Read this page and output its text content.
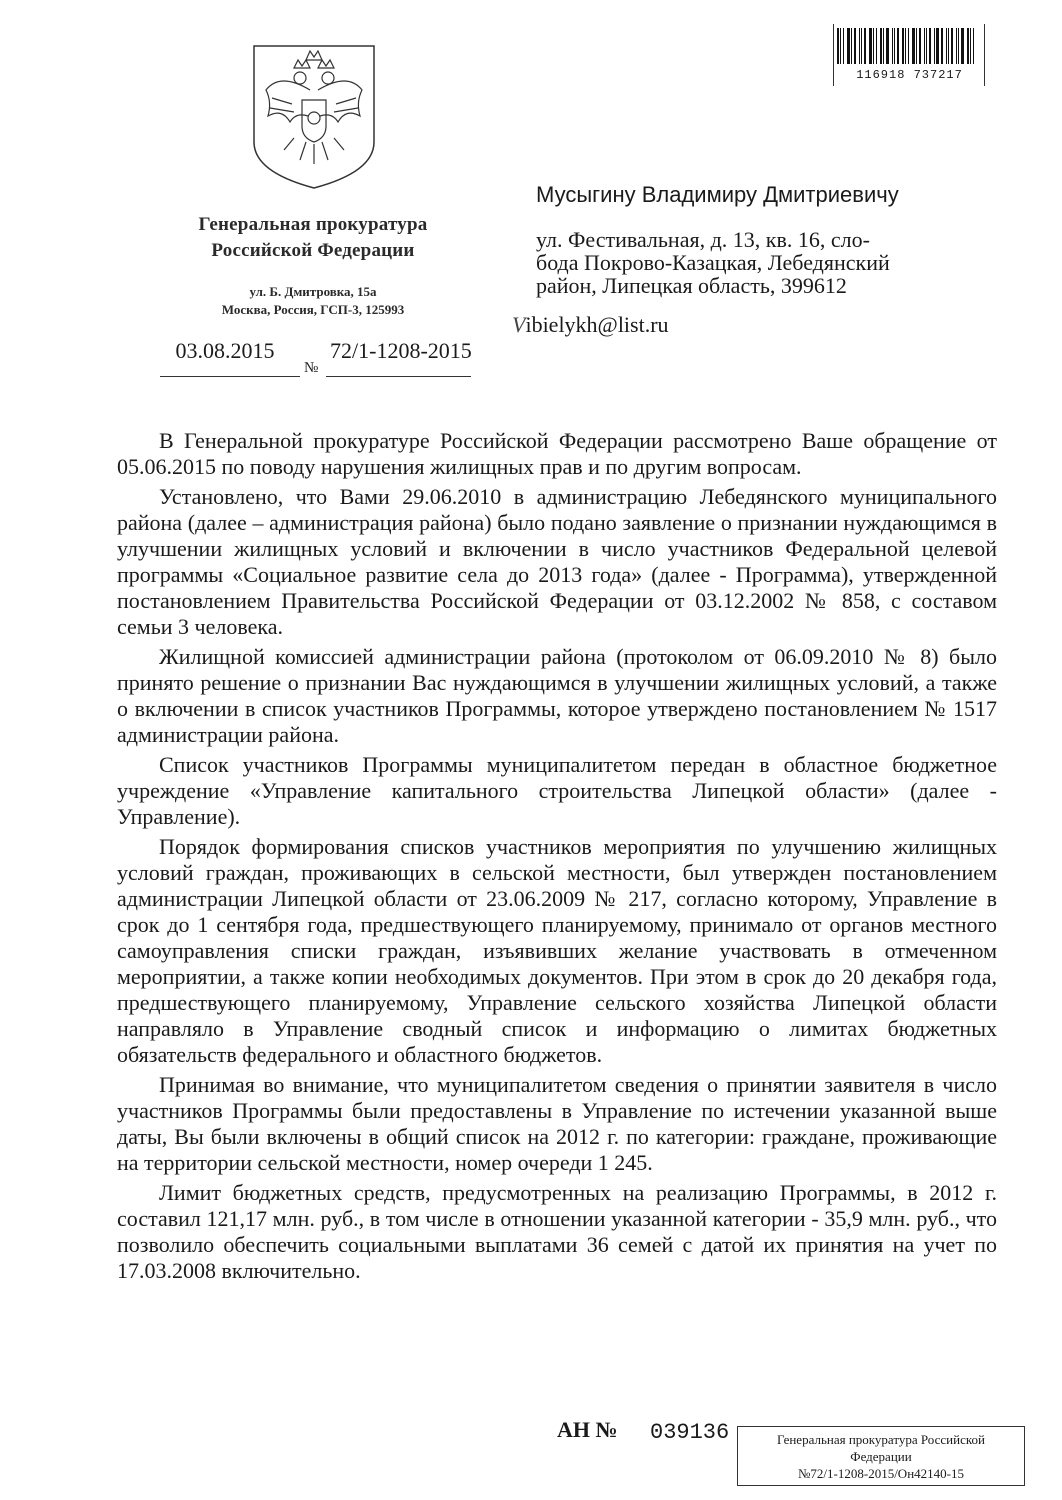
116918 737217
Генеральная прокуратура
Российской Федерации
ул. Б. Дмитровка, 15а
Москва, Россия, ГСП-3, 125993
03.08.2015
№
72/1-1208-2015
Мусыгину Владимиру Дмитриевичу
ул. Фестивальная, д. 13, кв. 16, сло-
бода Покрово-Казацкая, Лебедянский
район, Липецкая область, 399612
Vibielykh@list.ru

В Генеральной прокуратуре Российской Федерации рассмотрено Ваше обращение от 05.06.2015 по поводу нарушения жилищных прав и по другим вопросам.

Установлено, что Вами 29.06.2010 в администрацию Лебедянского муниципального района (далее – администрация района) было подано заявление о признании нуждающимся в улучшении жилищных условий и включении в число участников Федеральной целевой программы «Социальное развитие села до 2013 года» (далее - Программа), утвержденной постановлением Правительства Российской Федерации от 03.12.2002 № 858, с составом семьи 3 человека.

Жилищной комиссией администрации района (протоколом от 06.09.2010 № 8) было принято решение о признании Вас нуждающимся в улучшении жилищных условий, а также о включении в список участников Программы, которое утверждено постановлением № 1517 администрации района.

Список участников Программы муниципалитетом передан в областное бюджетное учреждение «Управление капитального строительства Липецкой области» (далее - Управление).

Порядок формирования списков участников мероприятия по улучшению жилищных условий граждан, проживающих в сельской местности, был утвержден постановлением администрации Липецкой области от 23.06.2009 № 217, согласно которому, Управление в срок до 1 сентября года, предшествующего планируемому, принимало от органов местного самоуправления списки граждан, изъявивших желание участвовать в отмеченном мероприятии, а также копии необходимых документов. При этом в срок до 20 декабря года, предшествующего планируемому, Управление сельского хозяйства Липецкой области направляло в Управление сводный список и информацию о лимитах бюджетных обязательств федерального и областного бюджетов.

Принимая во внимание, что муниципалитетом сведения о принятии заявителя в число участников Программы были предоставлены в Управление по истечении указанной выше даты, Вы были включены в общий список на 2012 г. по категории: граждане, проживающие на территории сельской местности, номер очереди 1 245.

Лимит бюджетных средств, предусмотренных на реализацию Программы, в 2012 г. составил 121,17 млн. руб., в том числе в отношении указанной категории - 35,9 млн. руб., что позволило обеспечить социальными выплатами 36 семей с датой их принятия на учет по 17.03.2008 включительно.

АН № 039136	Генеральная прокуратура Российской
Федерации
№72/1-1208-2015/Он42140-15
